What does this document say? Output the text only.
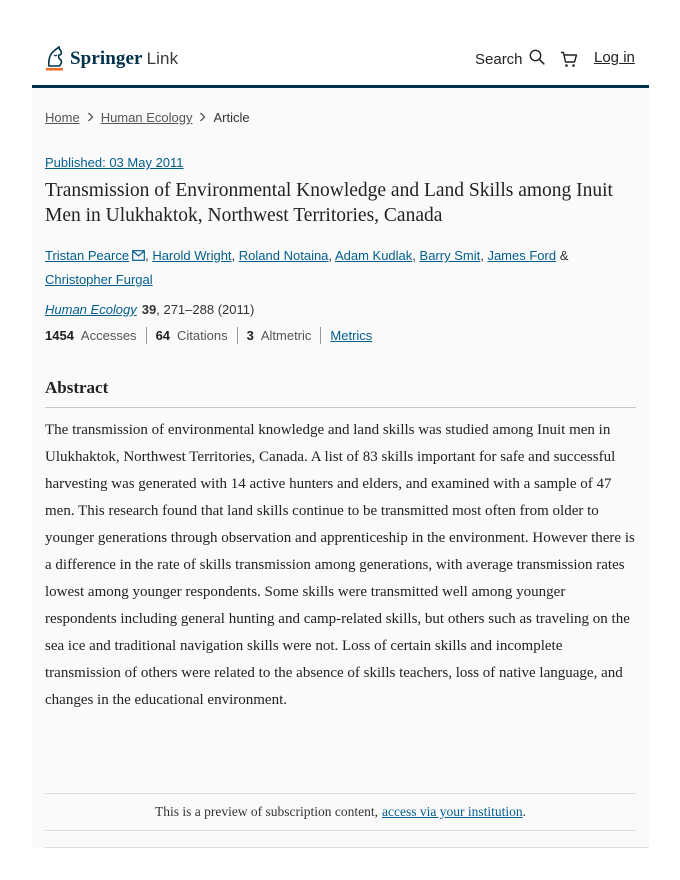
Springer Link	Search	Log in
Home Human Ecology Article
Published: 03 May 2011
Transmission of Environmental Knowledge and Land Skills among Inuit Men in Ulukhaktok, Northwest Territories, Canada
Tristan Pearce , Harold Wright, Roland Notaina, Adam Kudlak, Barry Smit, James Ford &
Christopher Furgal
Human Ecology 39, 271–288 (2011)
1454 Accesses 64 Citations 3 Altmetric Metrics
Abstract

The transmission of environmental knowledge and land skills was studied among Inuit men in Ulukhaktok, Northwest Territories, Canada. A list of 83 skills important for safe and successful harvesting was generated with 14 active hunters and elders, and examined with a sample of 47 men. This research found that land skills continue to be transmitted most often from older to younger generations through observation and apprenticeship in the environment. However there is a difference in the rate of skills transmission among generations, with average transmission rates lowest among younger respondents. Some skills were transmitted well among younger respondents including general hunting and camp-related skills, but others such as traveling on the sea ice and traditional navigation skills were not. Loss of certain skills and incomplete transmission of others were related to the absence of skills teachers, loss of native language, and changes in the educational environment.

This is a preview of subscription content, access via your institution .
